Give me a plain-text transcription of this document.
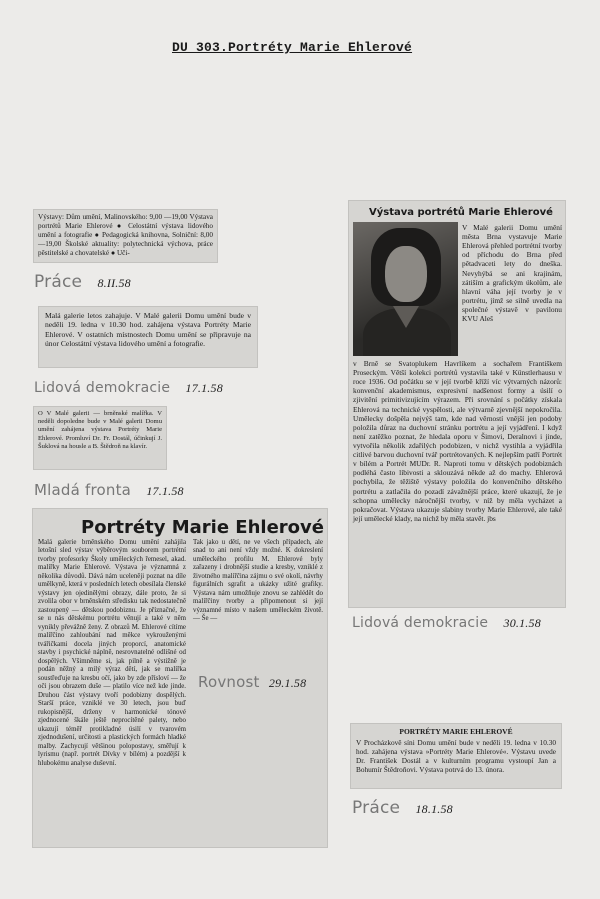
DU 303.Portréty Marie Ehlerové

Výstavy: Dům umění, Malinovského: 9,00 —19,00 Výstava portrétů Marie Ehlerové ● Celostátní výstava lidového umění a fotografie ● Pedagogická knihovna, Solniční: 8,00—19,00 Školské aktuality: polytechnická výchova, práce pěstitelské a chovatelské ● Uči-

Práce 8.II.58

Malá galerie letos zahajuje. V Malé galerii Domu umění bude v neděli 19. ledna v 10.30 hod. zahájena výstava Portréty Marie Ehlerové. V ostatních místnostech Domu umění se připravuje na únor Celostátní výstava lidového umění a fotografie.

Lidová demokracie 17.1.58

O V Malé galerii — brněnské malířka. V neděli dopoledne bude v Malé galerii Domu umění zahájena výstava Portréty Marie Ehlerové. Promluví Dr. Fr. Dostál, účinkují J. Šuklová na housle a B. Štědroň na klavír.

Mladá fronta 17.1.58
Portréty Marie Ehlerové
Malá galerie brněnského Domu umění zahájila letošní sled výstav výběrovým souborem portrétní tvorby profesorky Školy uměleckých řemesel, akad. malířky Marie Ehlerové. Výstava je významná z několika důvodů. Dává nám uceleněji poznat na díle umělkyně, která v posledních letech obesílala členské výstavy jen ojedinělými obrazy, dále proto, že si zvolila obor v brněnském středisku tak nedostatečně zastoupený — dětskou podobiznu. Je příznačné, že se u nás dětskému portrétu věnují a také v něm vynikly převážně ženy. Z obrazů M. Ehlerové cítíme malířčino zahloubání nad měkce vykrouženými tvářičkami docela jiných proporcí, anatomické stavby i psychické náplně, nesrovnatelné odlišné od dospělých. Všimněme si, jak pilně a výstižně je podán něžný a milý výraz dětí, jak se malířka soustřeďuje na kresbu očí, jako by zde přísloví — že oči jsou obrazem duše — platilo více než kde jinde. Druhou část výstavy tvoří podobizny dospělých. Starší práce, vzniklé ve 30 letech, jsou buď rukopisnější, drženy v harmonické tónové zjednocené škále ještě neprocítěné palety, nebo ukazují téměř protikladné úsilí v tvarovém zjednodušení, určitosti a plastických formách hladké malby. Zachycují většinou polopostavy, směřují k lyrismu (např. portrét Dívky v bílém) a pozdější k hlubokému analyse duševní.
Tak jako u dětí, ne ve všech případech, ale snad to ani není vždy možné. K dokreslení uměleckého profilu M. Ehlerové byly zařazeny i drobnější studie a kresby, vzniklé z životného malířčina zájmu o své okolí, návrhy figurálních sgrafit a ukázky užité grafiky. Výstava nám umožňuje znovu se zahlédět do malířčiny tvorby a připomenout si její významné místo v našem uměleckém životě. — Še —
Rovnost 29.1.58
Výstava portrétů Marie Ehlerové
V Malé galerii Domu umění města Brna vystavuje Marie Ehlerová přehled portrétní tvorby od příchodu do Brna před pětadvaceti lety do dneška. Nevyhýbá se ani krajinám, zátiším a grafickým úkolům, ale hlavní váha její tvorby je v portrétu, jímž se silně uvedla na společné výstavě v pavilonu KVU Aleš
v Brně se Svatoplukem Havrlíkem a sochařem Františkem Proseckým. Větší kolekci portrétů vystavila také v Künstlerhausu v roce 1936. Od počátku se v její tvorbě kříží víc výtvarných názorů: konvenční akademismus, expresivní nadšenost formy a úsilí o zjivitění primitivizujícím výrazem. Při srovnání s počátky získala Ehlerová na technické vyspělosti, ale výtvarně zjevnější nepokročila. Umělecky došpěla nejvýš tam, kde nad věrností vnější jen podoby položila důraz na duchovní stránku portrétu a její vyjádření. I když není zatěžko poznat, že hledala oporu v Šimovi, Deralnovi i jinde, vytvořila několik zdařilých podobizen, v nichž vystihla a vyjádřila citlivé barvou duchovní tvář portrétovaných. K nejlepším patří Portrét v bílém a Portrét MUDr. R. Naproti tomu v dětských podobiznách podléhá často líbivosti a sklouzává někde až do machy. Ehlerová pochybila, že těžiště výstavy položila do konvenčního dětského portrétu a zatlačila do pozadí závažnější práce, které ukazují, že je schopna umělecky náročnější tvorby, v níž by měla vycházet a pokračovat. Výstava ukazuje slabiny tvorby Marie Ehlerové, ale také její umělecké klady, na nichž by měla stavět. jbs
Lidová demokracie 30.1.58
PORTRÉTY MARIE EHLEROVÉ

V Procházkově síni Domu umění bude v neděli 19. ledna v 10.30 hod. zahájena výstava »Portréty Marie Ehlerové«. Výstavu uvede Dr. František Dostál a v kulturním programu vystoupí Jan a Bohumír Štědroňovi. Výstava potrvá do 13. února.

Práce 18.1.58
